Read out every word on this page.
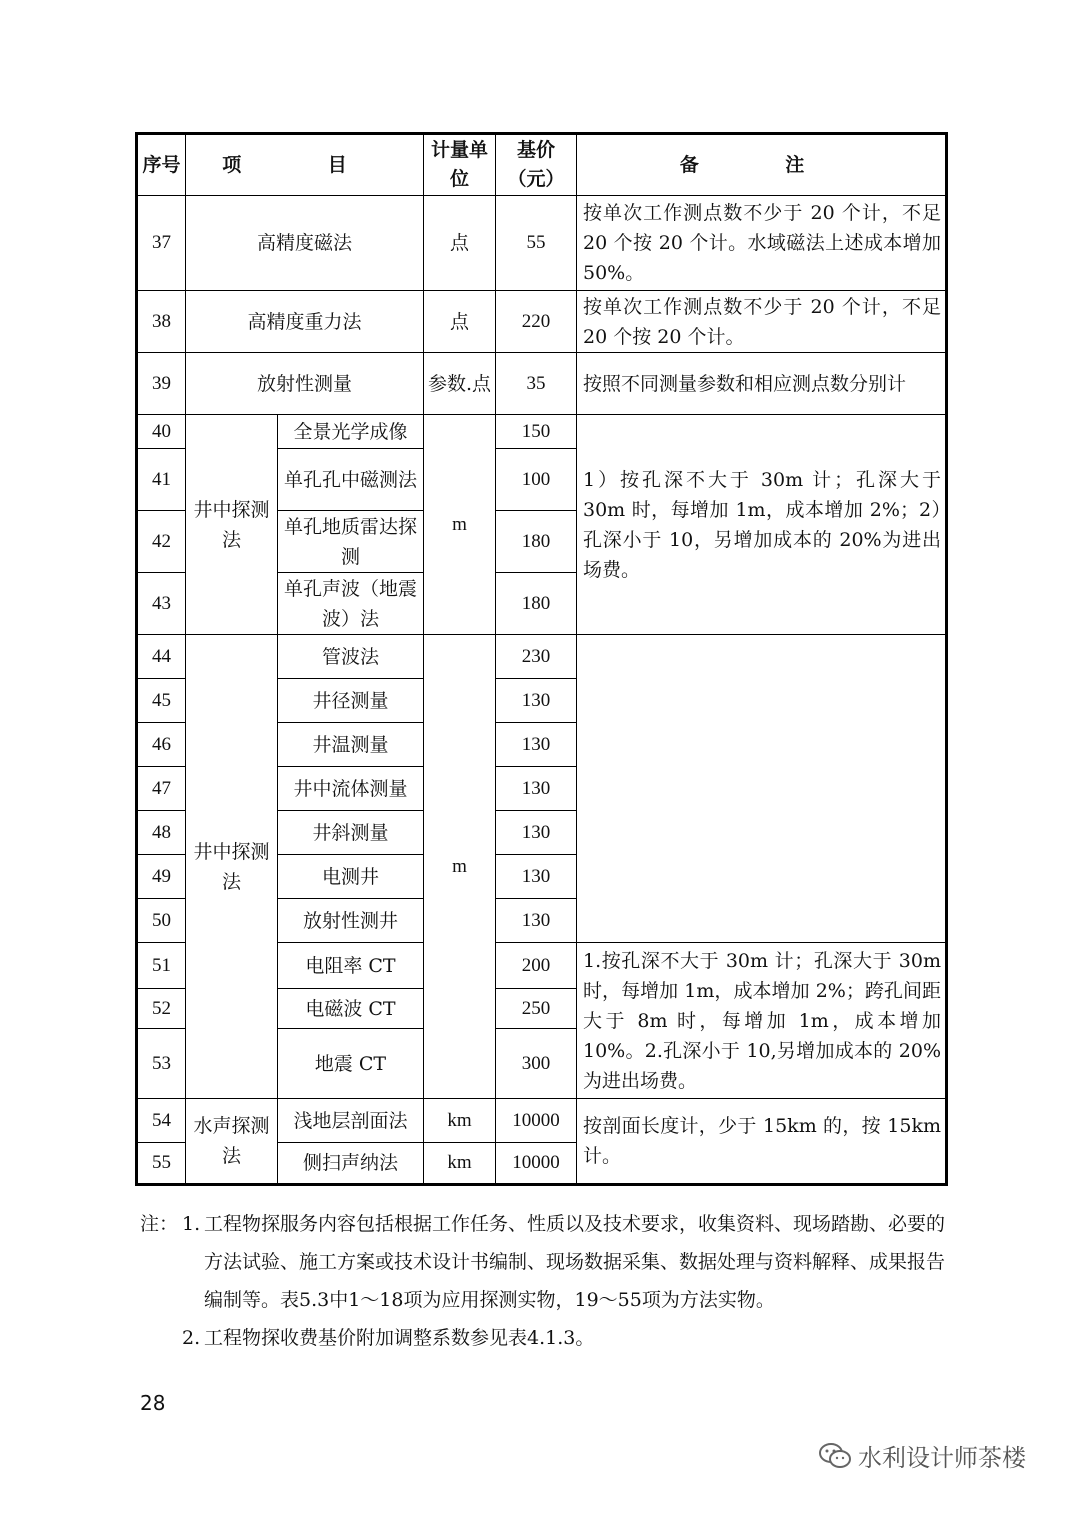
序号	项 目		计量单位	基价（元）	备 注
37	高精度磁法		点	55	按单次工作测点数不少于 20 个计，不足 20 个按 20 个计。水域磁法上述成本增加 50%。
38	高精度重力法		点	220	按单次工作测点数不少于 20 个计，不足 20 个按 20 个计。
39	放射性测量		参数.点	35	按照不同测量参数和相应测点数分别计
40	井中探测法	全景光学成像	m	150	1）按孔深不大于 30m 计；孔深大于 30m 时，每增加 1m，成本增加 2%；2）孔深小于 10，另增加成本的 20%为进出场费。
41		单孔孔中磁测法		100	
42		单孔地质雷达探测		180	
43		单孔声波（地震波）法		180	
44	井中探测法	管波法	m	230	
45		井径测量		130	
46		井温测量		130	
47		井中流体测量		130	
48		井斜测量		130	
49		电测井		130	
50		放射性测井		130	
51		电阻率 CT		200	1.按孔深不大于 30m 计；孔深大于 30m 时，每增加 1m，成本增加 2%；跨孔间距大于 8m 时，每增加 1m，成本增加 10%。2.孔深小于 10,另增加成本的 20%为进出场费。
52		电磁波 CT		250	
53		地震 CT		300	
54	水声探测法	浅地层剖面法	km	10000	按剖面长度计，少于 15km 的，按 15km 计。
55		侧扫声纳法	km	10000	
注： 1. 工程物探服务内容包括根据工作任务、性质以及技术要求，收集资料、现场踏勘、必要的方法试验、施工方案或技术设计书编制、现场数据采集、数据处理与资料解释、成果报告编制等。表5.3中1～18项为应用探测实物，19～55项为方法实物。
2. 工程物探收费基价附加调整系数参见表4.1.3。
28
水利设计师茶楼
